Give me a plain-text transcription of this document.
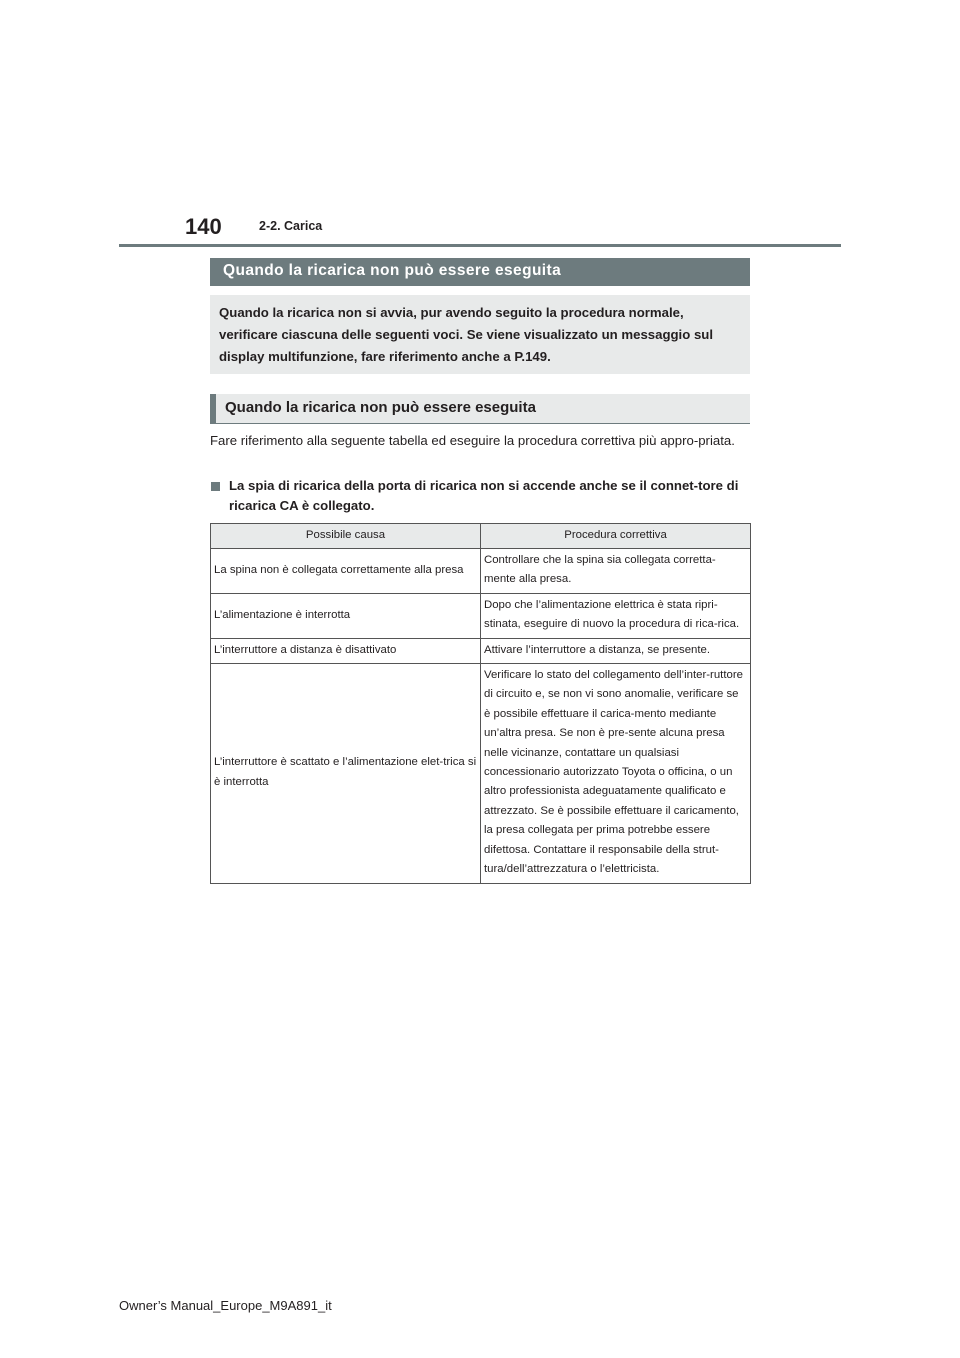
140	2-2. Carica
Quando la ricarica non può essere eseguita
Quando la ricarica non si avvia, pur avendo seguito la procedura normale, verificare ciascuna delle seguenti voci. Se viene visualizzato un messaggio sul display multifunzione, fare riferimento anche a P.149.
Quando la ricarica non può essere eseguita
Fare riferimento alla seguente tabella ed eseguire la procedura correttiva più appro-priata.
La spia di ricarica della porta di ricarica non si accende anche se il connet-tore di ricarica CA è collegato.
Possibile causa	Procedura correttiva
La spina non è collegata correttamente alla presa	Controllare che la spina sia collegata corretta-mente alla presa.
L’alimentazione è interrotta	Dopo che l’alimentazione elettrica è stata ripri-stinata, eseguire di nuovo la procedura di rica-rica.
L’interruttore a distanza è disattivato	Attivare l’interruttore a distanza, se presente.
L’interruttore è scattato e l’alimentazione elet-trica si è interrotta	Verificare lo stato del collegamento dell’inter-ruttore di circuito e, se non vi sono anomalie, verificare se è possibile effettuare il carica-mento mediante un’altra presa. Se non è pre-sente alcuna presa nelle vicinanze, contattare un qualsiasi concessionario autorizzato Toyota o officina, o un altro professionista adeguatamente qualificato e attrezzato. Se è possibile effettuare il caricamento, la presa collegata per prima potrebbe essere difettosa. Contattare il responsabile della strut-tura/dell’attrezzatura o l’elettricista.
Owner’s Manual_Europe_M9A891_it
